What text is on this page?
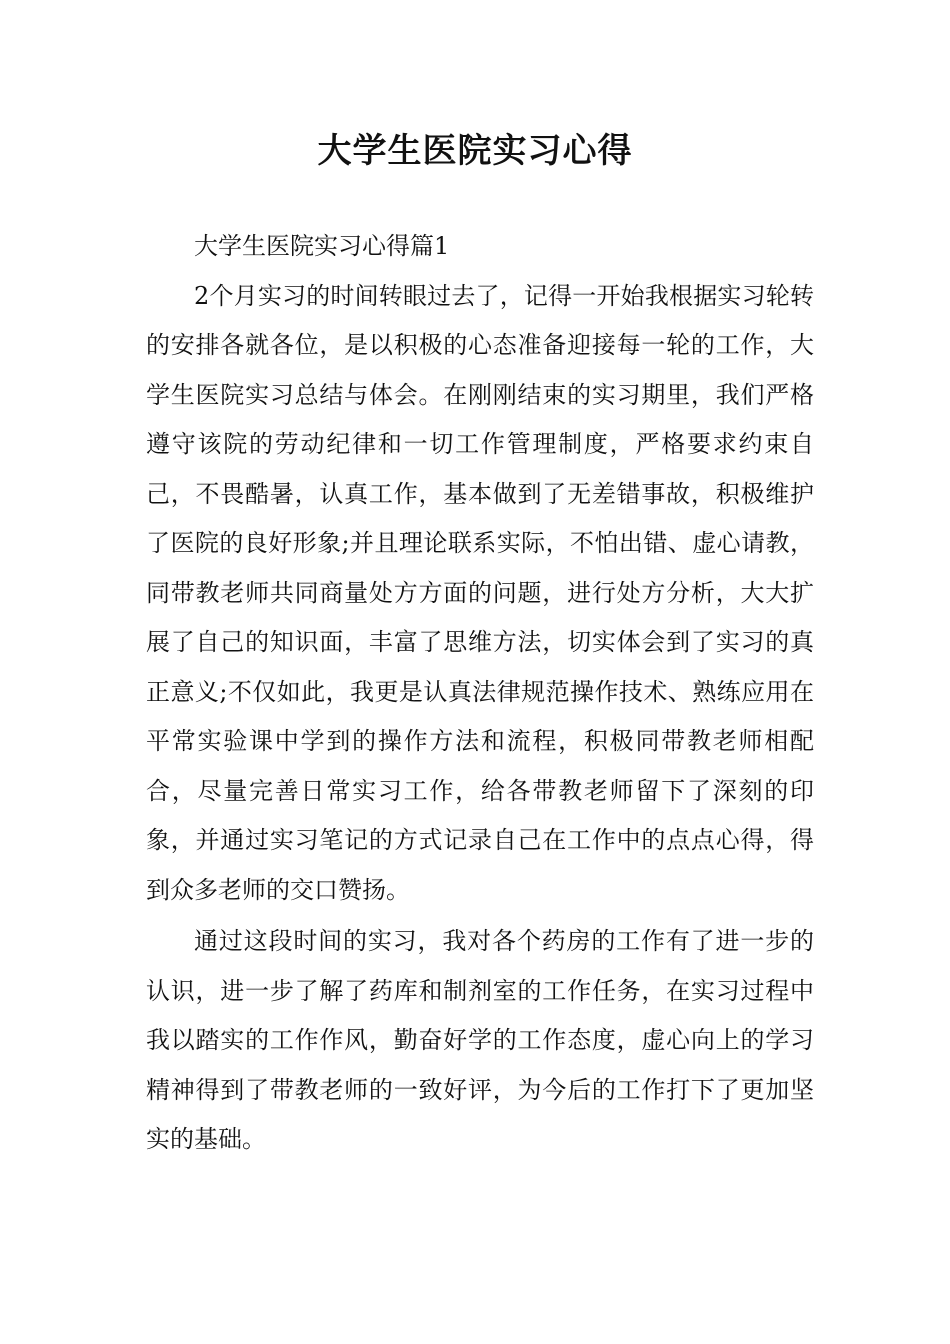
大学生医院实习心得

大学生医院实习心得篇1

2个月实习的时间转眼过去了，记得一开始我根据实习轮转的安排各就各位，是以积极的心态准备迎接每一轮的工作，大学生医院实习总结与体会。在刚刚结束的实习期里，我们严格遵守该院的劳动纪律和一切工作管理制度，严格要求约束自己，不畏酷暑，认真工作，基本做到了无差错事故，积极维护了医院的良好形象;并且理论联系实际，不怕出错、虚心请教，同带教老师共同商量处方方面的问题，进行处方分析，大大扩展了自己的知识面，丰富了思维方法，切实体会到了实习的真正意义;不仅如此，我更是认真法律规范操作技术、熟练应用在平常实验课中学到的操作方法和流程，积极同带教老师相配合，尽量完善日常实习工作，给各带教老师留下了深刻的印象，并通过实习笔记的方式记录自己在工作中的点点心得，得到众多老师的交口赞扬。

通过这段时间的实习，我对各个药房的工作有了进一步的认识，进一步了解了药库和制剂室的工作任务，在实习过程中我以踏实的工作作风，勤奋好学的工作态度，虚心向上的学习精神得到了带教老师的一致好评，为今后的工作打下了更加坚实的基础。
